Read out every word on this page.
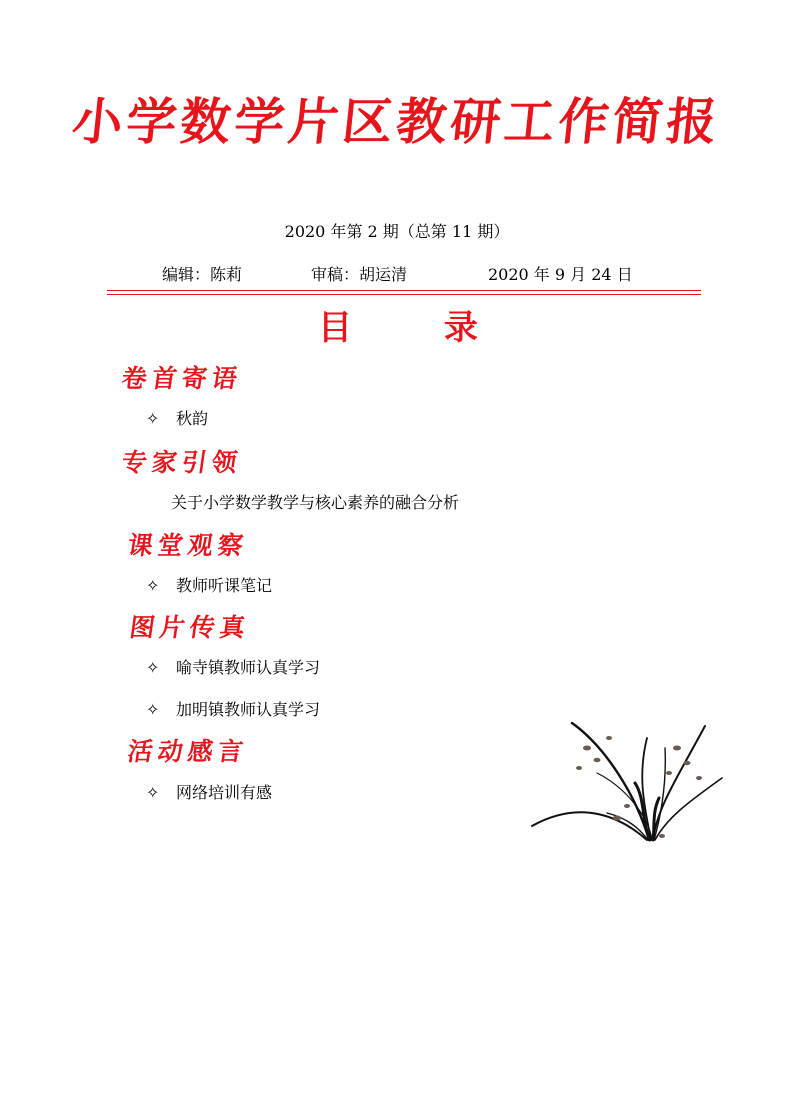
小学数学片区教研工作简报
2020 年第 2 期（总第 11 期）
编辑：陈莉	审稿：胡运清	2020 年 9 月 24 日
目	录
卷首寄语
✧ 秋韵
专家引领
关于小学数学教学与核心素养的融合分析
课堂观察
✧ 教师听课笔记
图片传真
✧ 喻寺镇教师认真学习
✧ 加明镇教师认真学习
活动感言
✧ 网络培训有感
